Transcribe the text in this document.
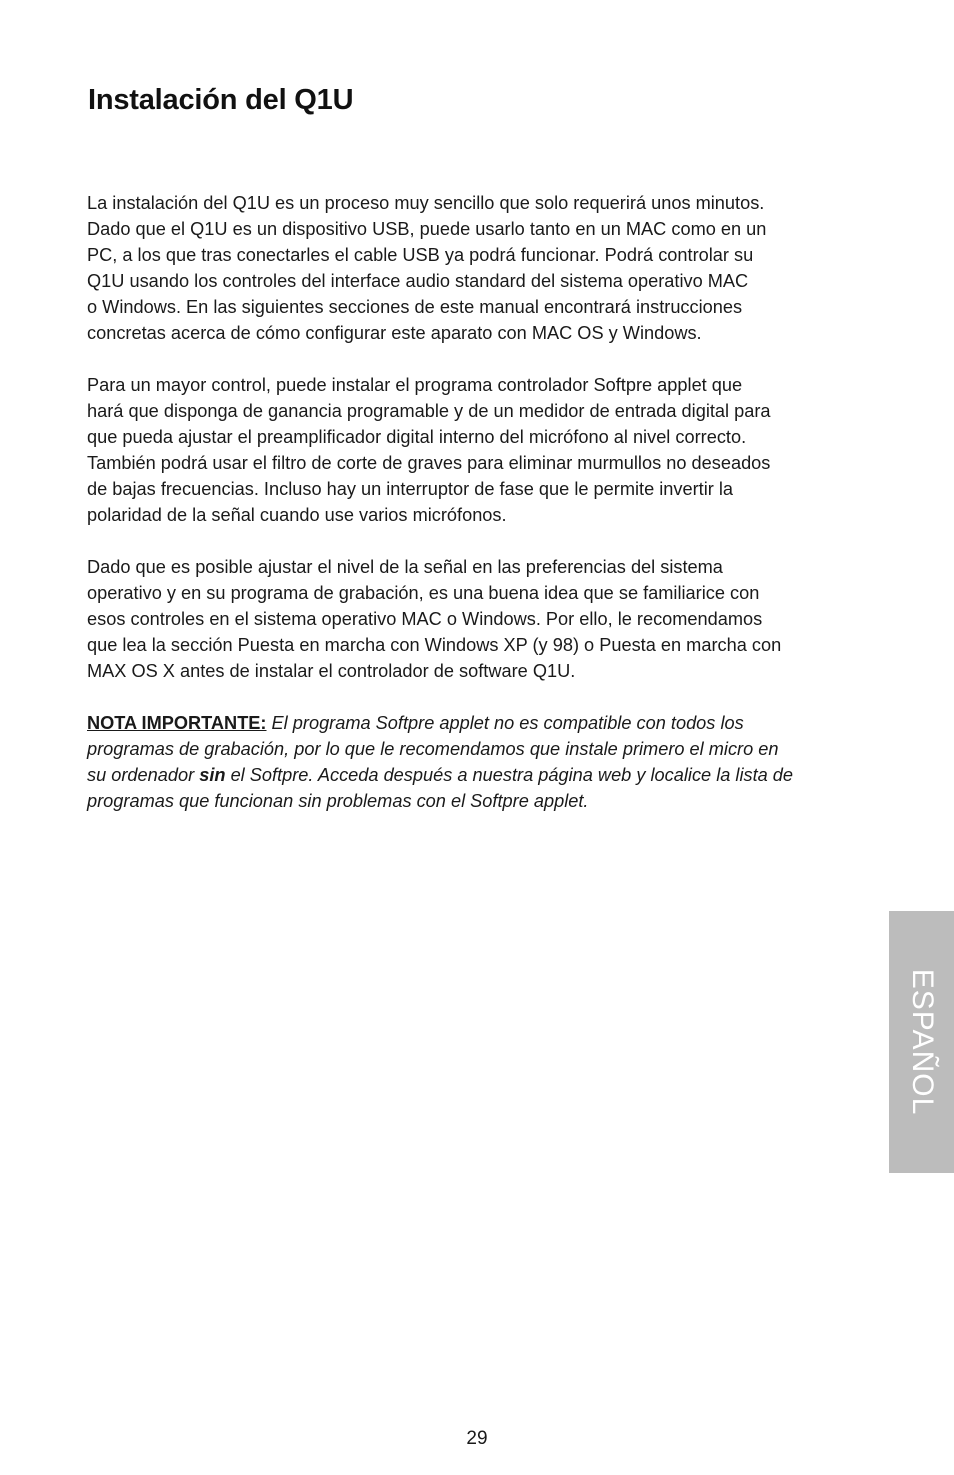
Instalación del Q1U

La instalación del Q1U es un proceso muy sencillo que solo requerirá unos minutos.
Dado que el Q1U es un dispositivo USB, puede usarlo tanto en un MAC como en un
PC, a los que tras conectarles el cable USB ya podrá funcionar. Podrá controlar su
Q1U usando los controles del interface audio standard del sistema operativo MAC
o Windows. En las siguientes secciones de este manual encontrará instrucciones
concretas acerca de cómo configurar este aparato con MAC OS y Windows.

Para un mayor control, puede instalar el programa controlador Softpre applet que
hará que disponga de ganancia programable y de un medidor de entrada digital para
que pueda ajustar el preamplificador digital interno del micrófono al nivel correcto.
También podrá usar el filtro de corte de graves para eliminar murmullos no deseados
de bajas frecuencias. Incluso hay un interruptor de fase que le permite invertir la
polaridad de la señal cuando use varios micrófonos.

Dado que es posible ajustar el nivel de la señal en las preferencias del sistema
operativo y en su programa de grabación, es una buena idea que se familiarice con
esos controles en el sistema operativo MAC o Windows. Por ello, le recomendamos
que lea la sección Puesta en marcha con Windows XP (y 98) o Puesta en marcha con
MAX OS X antes de instalar el controlador de software Q1U.

NOTA IMPORTANTE: El programa Softpre applet no es compatible con todos los
programas de grabación, por lo que le recomendamos que instale primero el micro en
su ordenador sin el Softpre. Acceda después a nuestra página web y localice la lista de
programas que funcionan sin problemas con el Softpre applet.

ESPAÑOL
29
